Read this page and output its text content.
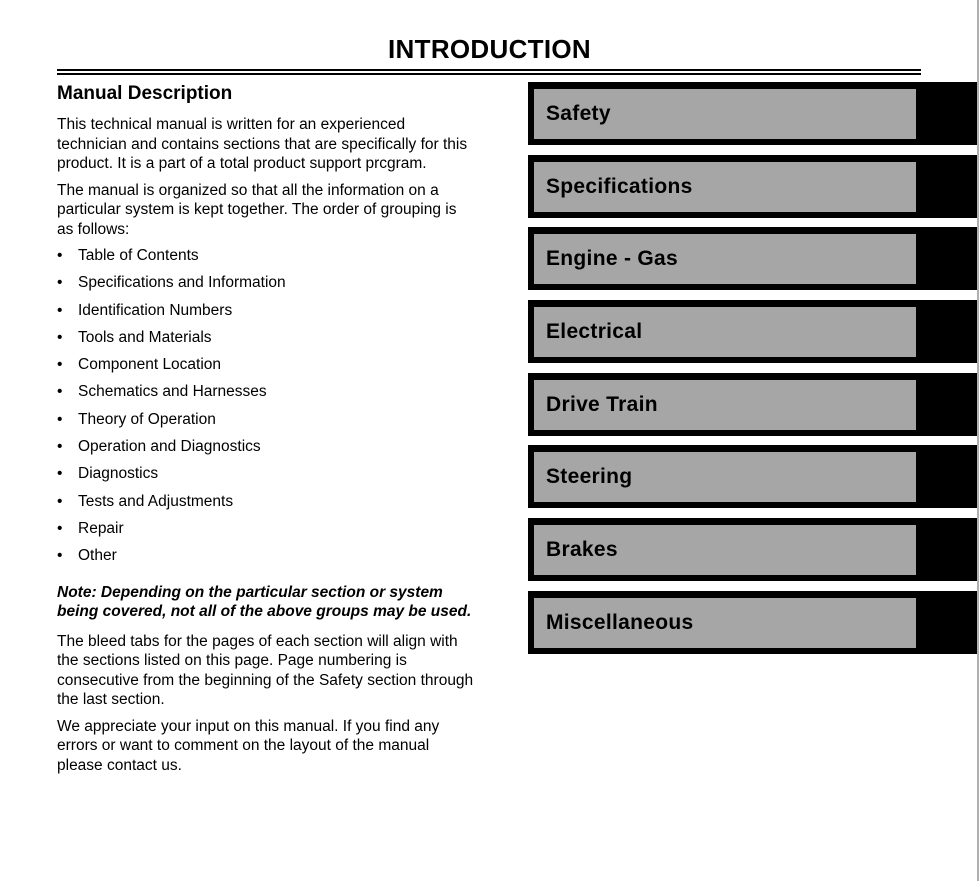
INTRODUCTION
Manual Description

This technical manual is written for an experienced technician and contains sections that are specifically for this product. It is a part of a total product support prcgram.

The manual is organized so that all the information on a particular system is kept together. The order of grouping is as follows:

• Table of Contents
• Specifications and Information
• Identification Numbers
• Tools and Materials
• Component Location
• Schematics and Harnesses
• Theory of Operation
• Operation and Diagnostics
• Diagnostics
• Tests and Adjustments
• Repair
• Other

Note: Depending on the particular section or system being covered, not all of the above groups may be used.

The bleed tabs for the pages of each section will align with the sections listed on this page. Page numbering is consecutive from the beginning of the Safety section through the last section.

We appreciate your input on this manual. If you find any errors or want to comment on the layout of the manual please contact us.

Safety
Specifications
Engine - Gas
Electrical
Drive Train
Steering
Brakes
Miscellaneous
